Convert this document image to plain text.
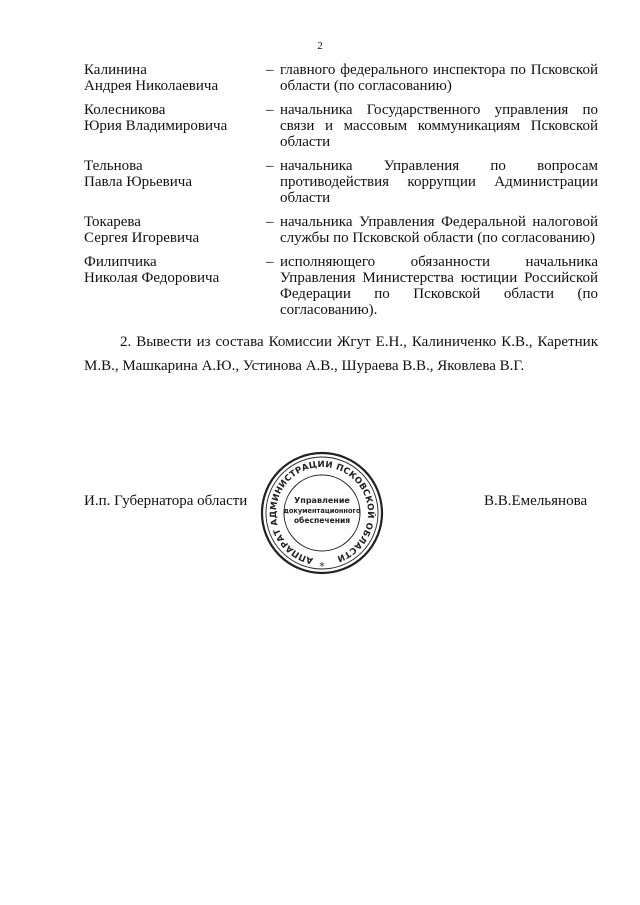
2
Калинина
Андрея Николаевича
– главного федерального инспектора по Псковской области (по согласованию)
Колесникова
Юрия Владимировича
– начальника Государственного управления по связи и массовым коммуникациям Псковской области
Тельнова
Павла Юрьевича
– начальника Управления по вопросам противодействия коррупции Администрации области
Токарева
Сергея Игоревича
– начальника Управления Федеральной налоговой службы по Псковской области (по согласованию)
Филипчика
Николая Федоровича
– исполняющего обязанности начальника Управления Министерства юстиции Российской Федерации по Псковской области (по согласованию).
2. Вывести из состава Комиссии Жгут Е.Н., Калиниченко К.В., Каретник М.В., Машкарина А.Ю., Устинова А.В., Шураева В.В., Яковлева В.Г.
И.п. Губернатора области
АППАРАТ АДМИНИСТРАЦИИ ПСКОВСКОЙ ОБЛАСТИ
Управление
документационного
обеспечения
*
В.В.Емельянова
